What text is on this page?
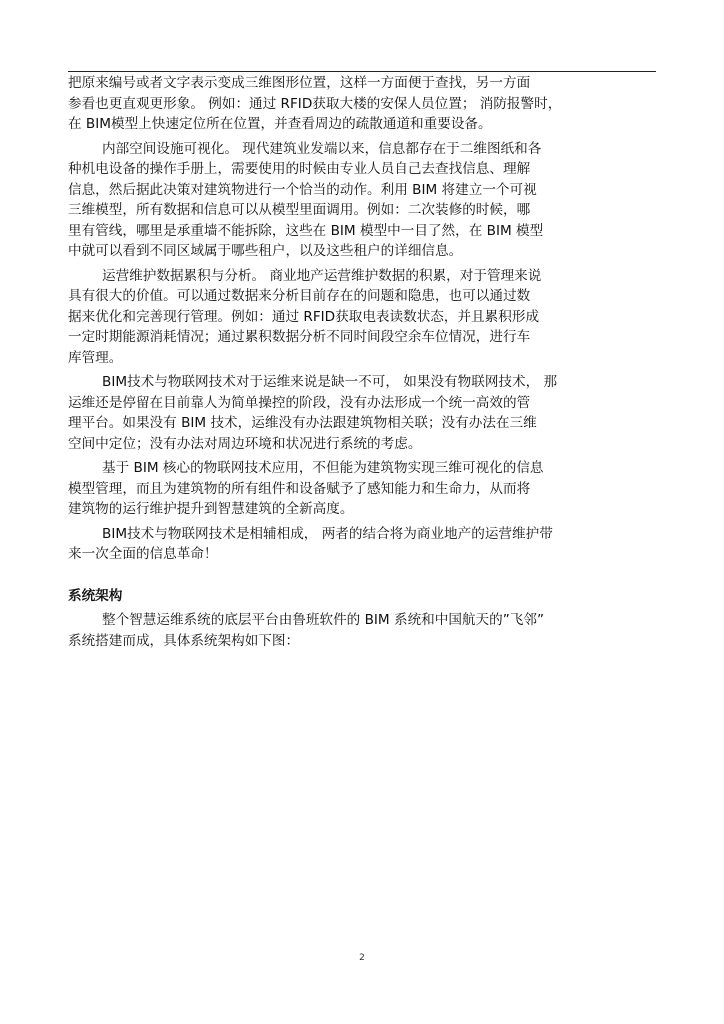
把原来编号或者文字表示变成三维图形位置，这样一方面便于查找，另一方面
参看也更直观更形象。 例如：通过 RFID获取大楼的安保人员位置； 消防报警时，
在 BIM模型上快速定位所在位置，并查看周边的疏散通道和重要设备。

内部空间设施可视化。 现代建筑业发端以来，信息都存在于二维图纸和各
种机电设备的操作手册上，需要使用的时候由专业人员自己去查找信息、理解
信息，然后据此决策对建筑物进行一个恰当的动作。利用 BIM 将建立一个可视
三维模型，所有数据和信息可以从模型里面调用。例如：二次装修的时候，哪
里有管线，哪里是承重墙不能拆除，这些在 BIM 模型中一目了然，在 BIM 模型
中就可以看到不同区域属于哪些租户，以及这些租户的详细信息。

运营维护数据累积与分析。 商业地产运营维护数据的积累，对于管理来说
具有很大的价值。可以通过数据来分析目前存在的问题和隐患，也可以通过数
据来优化和完善现行管理。例如：通过 RFID获取电表读数状态，并且累积形成
一定时期能源消耗情况；通过累积数据分析不同时间段空余车位情况，进行车
库管理。

BIM技术与物联网技术对于运维来说是缺一不可， 如果没有物联网技术， 那
运维还是停留在目前靠人为简单操控的阶段，没有办法形成一个统一高效的管
理平台。如果没有 BIM 技术，运维没有办法跟建筑物相关联；没有办法在三维
空间中定位；没有办法对周边环境和状况进行系统的考虑。

基于 BIM 核心的物联网技术应用，不但能为建筑物实现三维可视化的信息
模型管理，而且为建筑物的所有组件和设备赋予了感知能力和生命力，从而将
建筑物的运行维护提升到智慧建筑的全新高度。

BIM技术与物联网技术是相辅相成， 两者的结合将为商业地产的运营维护带
来一次全面的信息革命！

系统架构

整个智慧运维系统的底层平台由鲁班软件的 BIM 系统和中国航天的”飞邻”
系统搭建而成，具体系统架构如下图：

2
